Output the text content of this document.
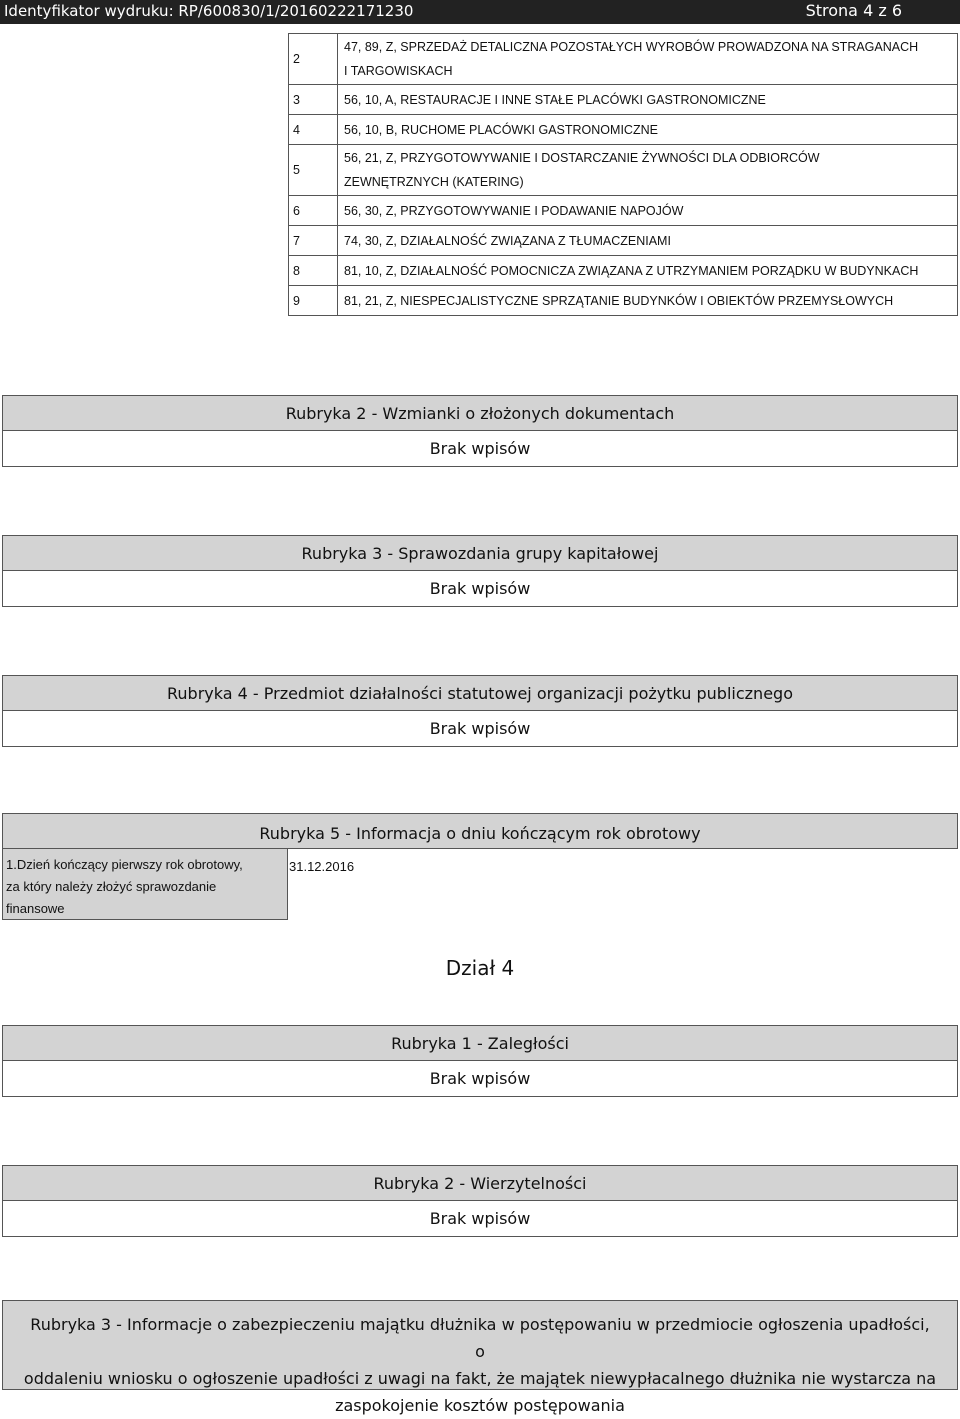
Identyfikator wydruku: RP/600830/1/20160222171230	Strona 4 z 6
2	47, 89, Z, SPRZEDAŻ DETALICZNA POZOSTAŁYCH WYROBÓW PROWADZONA NA STRAGANACH
I TARGOWISKACH

3	56, 10, A, RESTAURACJE I INNE STAŁE PLACÓWKI GASTRONOMICZNE
4	56, 10, B, RUCHOME PLACÓWKI GASTRONOMICZNE
5	56, 21, Z, PRZYGOTOWYWANIE I DOSTARCZANIE ŻYWNOŚCI DLA ODBIORCÓW
ZEWNĘTRZNYCH (KATERING)

6	56, 30, Z, PRZYGOTOWYWANIE I PODAWANIE NAPOJÓW
7	74, 30, Z, DZIAŁALNOŚĆ ZWIĄZANA Z TŁUMACZENIAMI
8	81, 10, Z, DZIAŁALNOŚĆ POMOCNICZA ZWIĄZANA Z UTRZYMANIEM PORZĄDKU W BUDYNKACH
9	81, 21, Z, NIESPECJALISTYCZNE SPRZĄTANIE BUDYNKÓW I OBIEKTÓW PRZEMYSŁOWYCH
Rubryka 2 - Wzmianki o złożonych dokumentach
Brak wpisów
Rubryka 3 - Sprawozdania grupy kapitałowej
Brak wpisów
Rubryka 4 - Przedmiot działalności statutowej organizacji pożytku publicznego
Brak wpisów
Rubryka 5 - Informacja o dniu kończącym rok obrotowy
1.Dzień kończący pierwszy rok obrotowy,
za który należy złożyć sprawozdanie
finansowe
31.12.2016
Dział 4
Rubryka 1 - Zaległości
Brak wpisów
Rubryka 2 - Wierzytelności
Brak wpisów
Rubryka 3 - Informacje o zabezpieczeniu majątku dłużnika w postępowaniu w przedmiocie ogłoszenia upadłości, o
oddaleniu wniosku o ogłoszenie upadłości z uwagi na fakt, że majątek niewypłacalnego dłużnika nie wystarcza na
zaspokojenie kosztów postępowania
